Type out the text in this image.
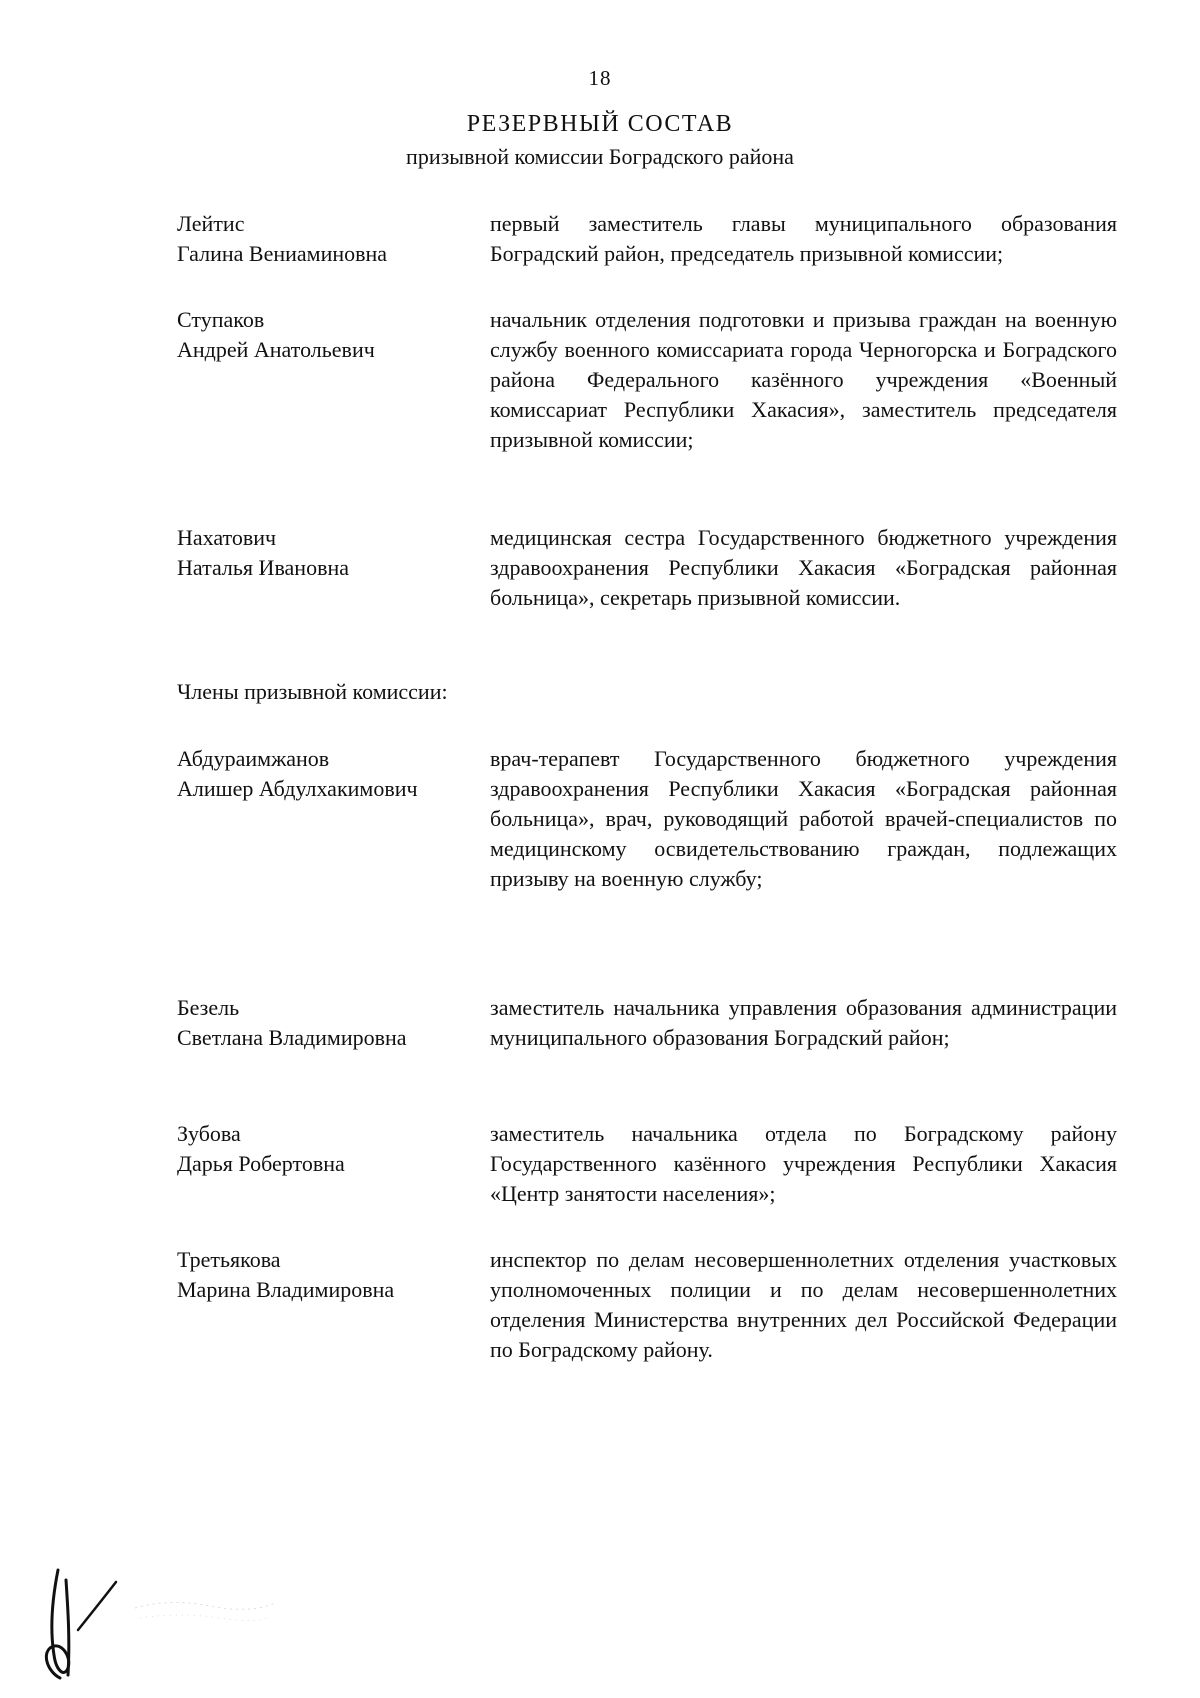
18
РЕЗЕРВНЫЙ СОСТАВ
призывной комиссии Боградского района
Лейтис
Галина Вениаминовна
первый заместитель главы муниципального образования Боградский район, председатель призывной комиссии;
Ступаков
Андрей Анатольевич
начальник отделения подготовки и призыва граждан на военную службу военного комиссариата города Черногорска и Боградского района Федерального казённого учреждения «Военный комиссариат Республики Хакасия», заместитель председателя призывной комиссии;
Нахатович
Наталья Ивановна
медицинская сестра Государственного бюджетного учреждения здравоохранения Республики Хакасия «Боградская районная больница», секретарь призывной комиссии.
Члены призывной комиссии:
Абдураимжанов
Алишер Абдулхакимович
врач-терапевт Государственного бюджетного учреждения здравоохранения Республики Хакасия «Боградская районная больница», врач, руководящий работой врачей-специалистов по медицинскому освидетельствованию граждан, подлежащих призыву на военную службу;
Безель
Светлана Владимировна
заместитель начальника управления образования администрации муниципального образования Боградский район;
Зубова
Дарья Робертовна
заместитель начальника отдела по Боградскому району Государственного казённого учреждения Республики Хакасия «Центр занятости населения»;
Третьякова
Марина Владимировна
инспектор по делам несовершеннолетних отделения участковых уполномоченных полиции и по делам несовершеннолетних отделения Министерства внутренних дел Российской Федерации по Боградскому району.
